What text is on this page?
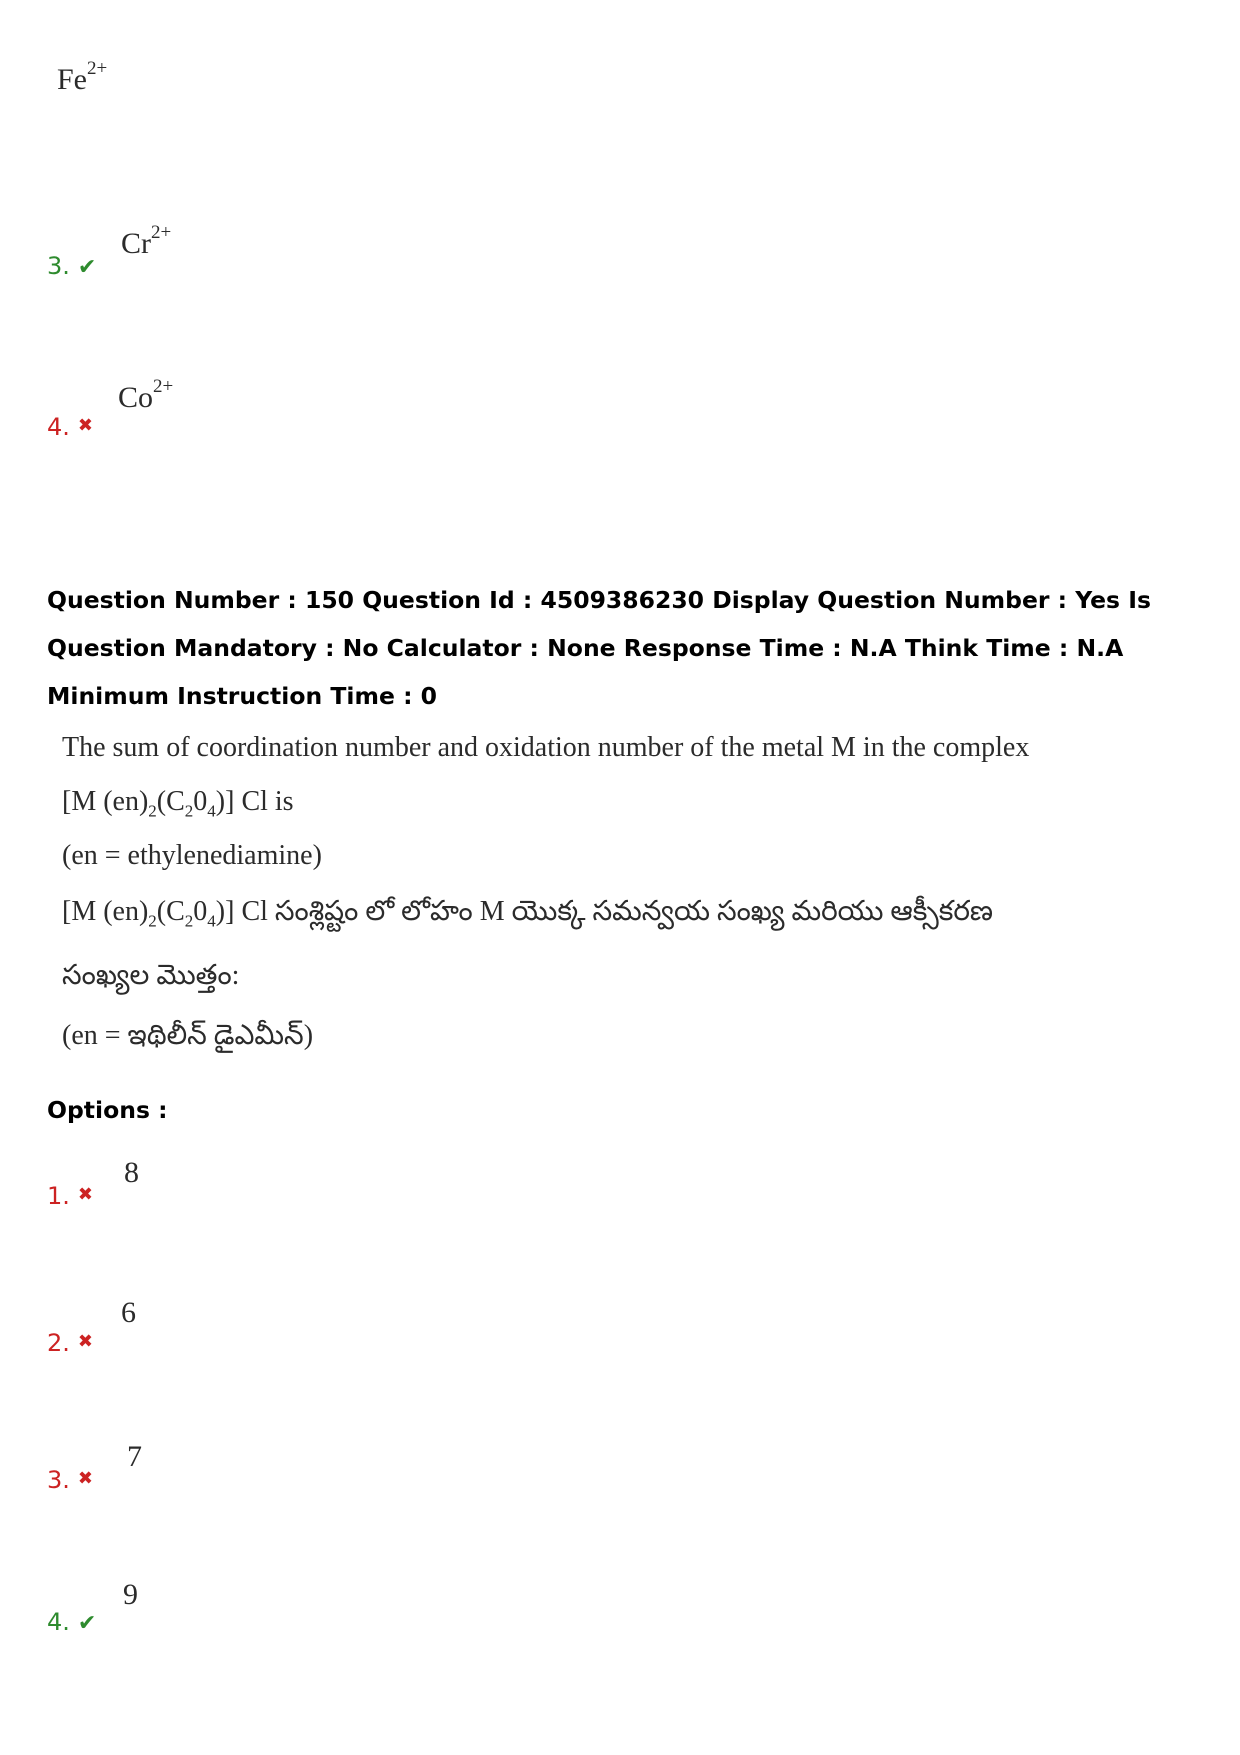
$Fe^{2+}$
3. ✔
$Cr^{2+}$
4. ✖
$Co^{2+}$
Question Number : 150 Question Id : 4509386230 Display Question Number : Yes Is Question Mandatory : No Calculator : None Response Time : N.A Think Time : N.A Minimum Instruction Time : 0
The sum of coordination number and oxidation number of the metal M in the complex
[M $(en)_2(C_20_4)$] Cl is
(en = ethylenediamine)
[M $(en)_2(C_20_4)$] Cl సంశ్లిష్టం లో లోహం M యొక్క సమన్వయ సంఖ్య మరియు ఆక్సీకరణ
సంఖ్యల మొత్తం:
(en = ఇథిలీన్ డైఎమీన్)
Options :
1. ✖
8
2. ✖
6
3. ✖
7
4. ✔
9
